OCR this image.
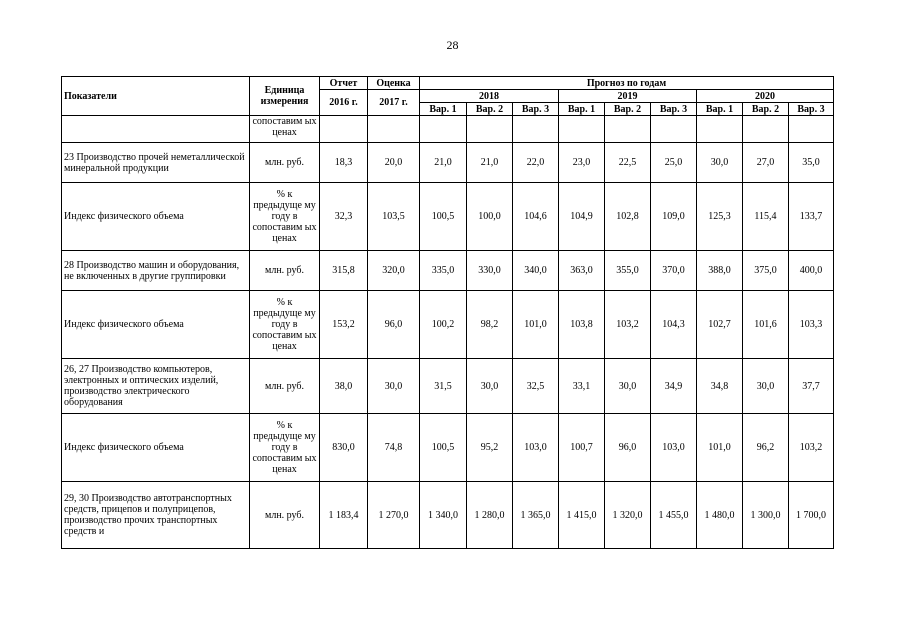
28
Показатели	Единица измерения	Отчет	Оценка	Прогноз по годам								
		2016 г.	2017 г.	2018			2019			2020		
				Вар. 1	Вар. 2	Вар. 3	Вар. 1	Вар. 2	Вар. 3	Вар. 1	Вар. 2	Вар. 3
	сопоставим ых ценах											
23 Производство прочей неметаллической минеральной продукции	млн. руб.	18,3	20,0	21,0	21,0	22,0	23,0	22,5	25,0	30,0	27,0	35,0
Индекс физического объема	% к предыдуще му году в сопоставим ых ценах	32,3	103,5	100,5	100,0	104,6	104,9	102,8	109,0	125,3	115,4	133,7
28 Производство машин и оборудования, не включенных в другие группировки	млн. руб.	315,8	320,0	335,0	330,0	340,0	363,0	355,0	370,0	388,0	375,0	400,0
Индекс физического объема	% к предыдуще му году в сопоставим ых ценах	153,2	96,0	100,2	98,2	101,0	103,8	103,2	104,3	102,7	101,6	103,3
26, 27 Производство компьютеров, электронных и оптических изделий, производство электрического оборудования	млн. руб.	38,0	30,0	31,5	30,0	32,5	33,1	30,0	34,9	34,8	30,0	37,7
Индекс физического объема	% к предыдуще му году в сопоставим ых ценах	830,0	74,8	100,5	95,2	103,0	100,7	96,0	103,0	101,0	96,2	103,2
29, 30 Производство автотранспортных средств, прицепов и полуприцепов, производство прочих транспортных средств и	млн. руб.	1 183,4	1 270,0	1 340,0	1 280,0	1 365,0	1 415,0	1 320,0	1 455,0	1 480,0	1 300,0	1 700,0
